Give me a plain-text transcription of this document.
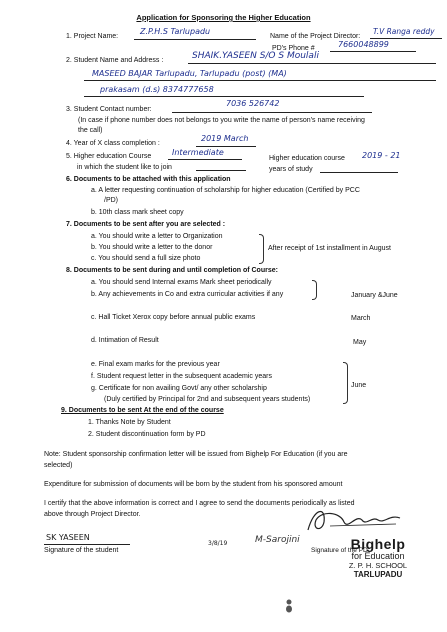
Application for Sponsoring the Higher Education
1. Project Name:
Z.P.H.S Tarlupadu
Name of the Project Director:
T.V Ranga reddy
PD's Phone #	7660048899
2. Student Name and Address :	SHAIK.YASEEN S/O S Moulali
MASEED BAJAR Tarlupadu, Tarlupadu (post) (MA)
prakasam (d.s) 8374777658
7036 526742
3. Student Contact number:
(In case if phone number does not belongs to you write the name of person's name receiving
the call)
2019 March
4. Year of X class completion :
5. Higher education Course	Intermediate
in which the student like to join
Higher education course 2019 - 21
years of study
6. Documents to be attached with this application
a. A letter requesting continuation of scholarship for higher education (Certified by PCC
/PD)
b. 10th class mark sheet copy
7. Documents to be sent after you are selected :
a. You should write a letter to Organization
b. You should write a letter to the donor
c. You should send a full size photo
After receipt of 1st installment in August
8. Documents to be sent during and until completion of Course:
a. You should send Internal exams Mark sheet periodically
b. Any achievements in Co and extra curricular activities if any	January &June
c. Hall Ticket Xerox copy before annual public exams	March
d. Intimation of Result	May
e. Final exam marks for the previous year
f. Student request letter in the subsequent academic years
g. Certificate for non availing Govt/ any other scholarship
(Duly certified by Principal for 2nd and subsequent years students)
June
9. Documents to be sent At the end of the course
1. Thanks Note by Student
2. Student discontinuation form by PD
Note: Student sponsorship confirmation letter will be issued from Bighelp For Education (if you are
selected)
Expenditure for submission of documents will be born by the student from his sponsored amount
I certify that the above information is correct and I agree to send the documents periodically as listed
above through Project Director.
SK YASEEN
Signature of the student
3/8/19	M-Sarojini	Bighelp
for Education
Z. P. H. SCHOOL
TARLUPADU
Signature of the PD
